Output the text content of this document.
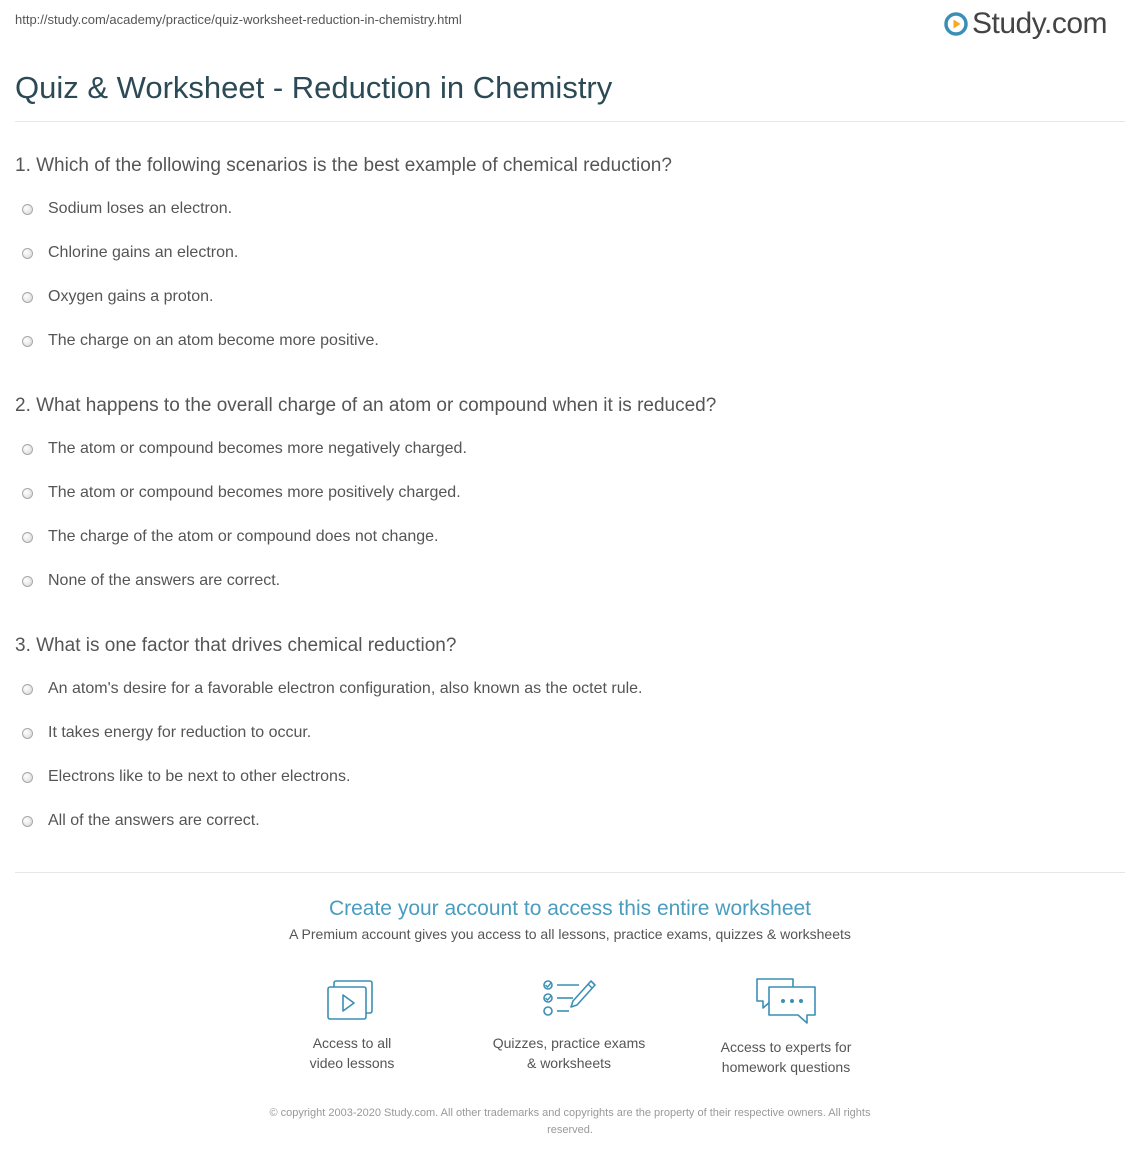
http://study.com/academy/practice/quiz-worksheet-reduction-in-chemistry.html	Study.com
Quiz & Worksheet - Reduction in Chemistry
1. Which of the following scenarios is the best example of chemical reduction?
Sodium loses an electron.
Chlorine gains an electron.
Oxygen gains a proton.
The charge on an atom become more positive.
2. What happens to the overall charge of an atom or compound when it is reduced?
The atom or compound becomes more negatively charged.
The atom or compound becomes more positively charged.
The charge of the atom or compound does not change.
None of the answers are correct.
3. What is one factor that drives chemical reduction?
An atom's desire for a favorable electron configuration, also known as the octet rule.
It takes energy for reduction to occur.
Electrons like to be next to other electrons.
All of the answers are correct.
Create your account to access this entire worksheet
A Premium account gives you access to all lessons, practice exams, quizzes & worksheets
Access to all
video lessons
Quizzes, practice exams
& worksheets
Access to experts for
homework questions
© copyright 2003-2020 Study.com. All other trademarks and copyrights are the property of their respective owners. All rights
reserved.
